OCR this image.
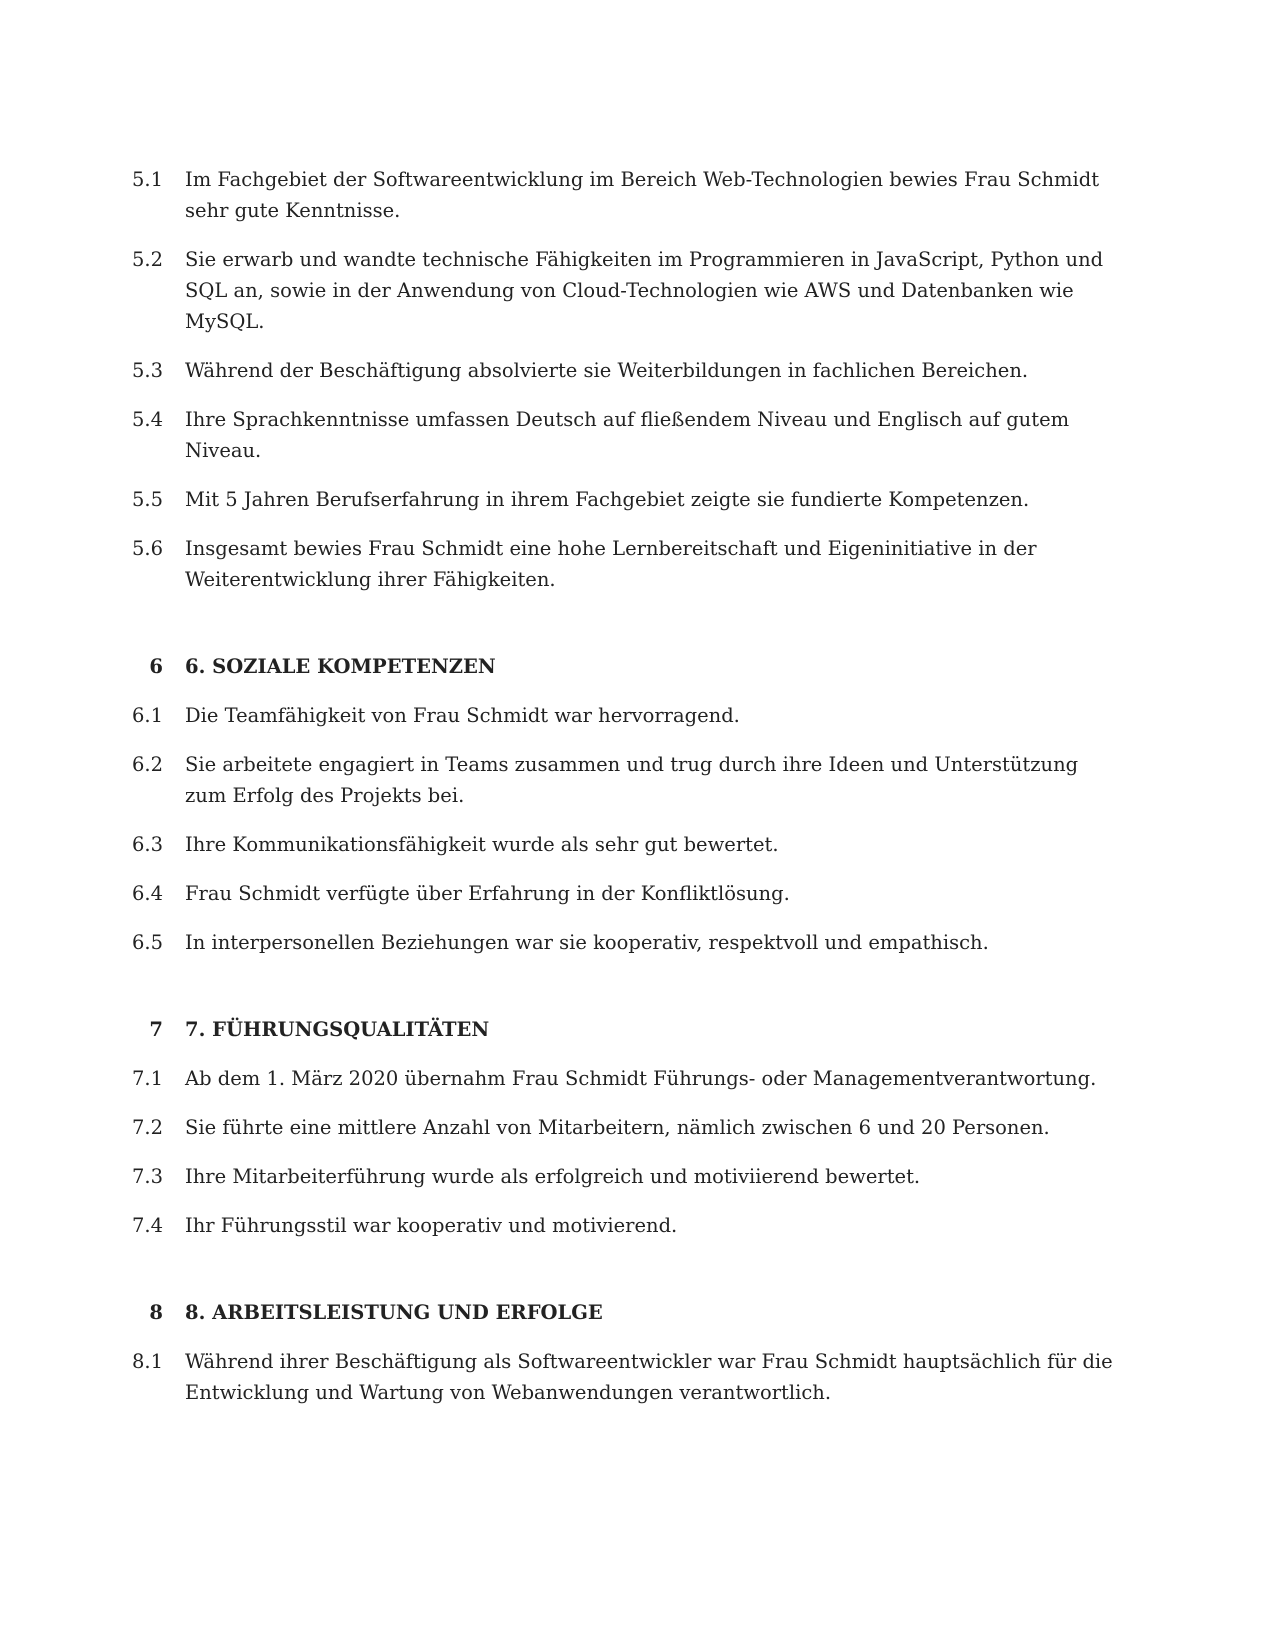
5.1	Im Fachgebiet der Softwareentwicklung im Bereich Web-Technologien bewies Frau Schmidt sehr gute Kenntnisse.
5.2	Sie erwarb und wandte technische Fähigkeiten im Programmieren in JavaScript, Python und SQL an, sowie in der Anwendung von Cloud-Technologien wie AWS und Datenbanken wie MySQL.
5.3	Während der Beschäftigung absolvierte sie Weiterbildungen in fachlichen Bereichen.
5.4	Ihre Sprachkenntnisse umfassen Deutsch auf fließendem Niveau und Englisch auf gutem Niveau.
5.5	Mit 5 Jahren Berufserfahrung in ihrem Fachgebiet zeigte sie fundierte Kompetenzen.
5.6	Insgesamt bewies Frau Schmidt eine hohe Lernbereitschaft und Eigeninitiative in der Weiterentwicklung ihrer Fähigkeiten.
6	6. SOZIALE KOMPETENZEN
6.1	Die Teamfähigkeit von Frau Schmidt war hervorragend.
6.2	Sie arbeitete engagiert in Teams zusammen und trug durch ihre Ideen und Unterstützung zum Erfolg des Projekts bei.
6.3	Ihre Kommunikationsfähigkeit wurde als sehr gut bewertet.
6.4	Frau Schmidt verfügte über Erfahrung in der Konfliktlösung.
6.5	In interpersonellen Beziehungen war sie kooperativ, respektvoll und empathisch.
7	7. FÜHRUNGSQUALITÄTEN
7.1	Ab dem 1. März 2020 übernahm Frau Schmidt Führungs- oder Managementverantwortung.
7.2	Sie führte eine mittlere Anzahl von Mitarbeitern, nämlich zwischen 6 und 20 Personen.
7.3	Ihre Mitarbeiterführung wurde als erfolgreich und motiviierend bewertet.
7.4	Ihr Führungsstil war kooperativ und motivierend.
8	8. ARBEITSLEISTUNG UND ERFOLGE
8.1	Während ihrer Beschäftigung als Softwareentwickler war Frau Schmidt hauptsächlich für die Entwicklung und Wartung von Webanwendungen verantwortlich.
